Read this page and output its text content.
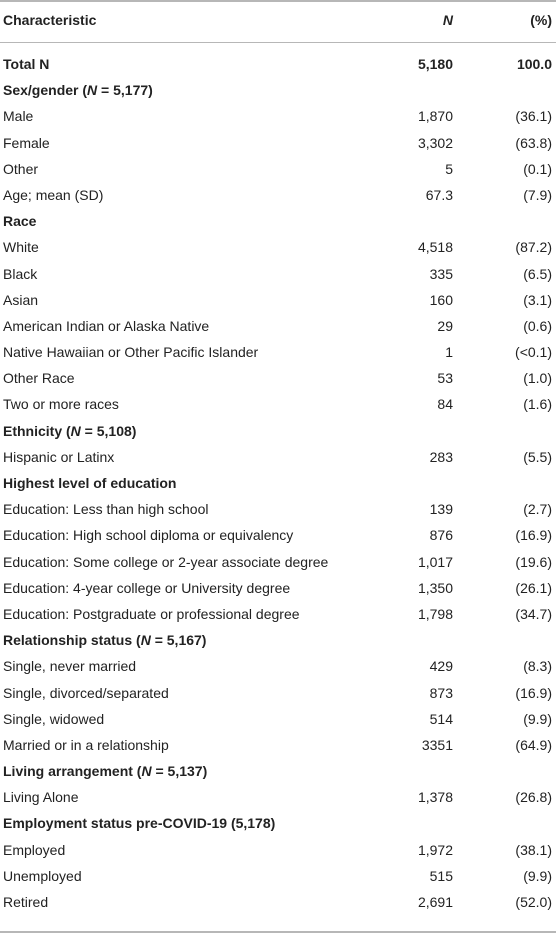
Characteristic	N	(%)
Total N	5,180	100.0
Sex/gender (N = 5,177)
Male	1,870	(36.1)
Female	3,302	(63.8)
Other	5	(0.1)
Age; mean (SD)	67.3	(7.9)
Race
White	4,518	(87.2)
Black	335	(6.5)
Asian	160	(3.1)
American Indian or Alaska Native	29	(0.6)
Native Hawaiian or Other Pacific Islander	1	(<0.1)
Other Race	53	(1.0)
Two or more races	84	(1.6)
Ethnicity (N = 5,108)
Hispanic or Latinx	283	(5.5)
Highest level of education
Education: Less than high school	139	(2.7)
Education: High school diploma or equivalency	876	(16.9)
Education: Some college or 2-year associate degree	1,017	(19.6)
Education: 4-year college or University degree	1,350	(26.1)
Education: Postgraduate or professional degree	1,798	(34.7)
Relationship status (N = 5,167)
Single, never married	429	(8.3)
Single, divorced/separated	873	(16.9)
Single, widowed	514	(9.9)
Married or in a relationship	3351	(64.9)
Living arrangement (N = 5,137)
Living Alone	1,378	(26.8)
Employment status pre-COVID-19 (5,178)
Employed	1,972	(38.1)
Unemployed	515	(9.9)
Retired	2,691	(52.0)
